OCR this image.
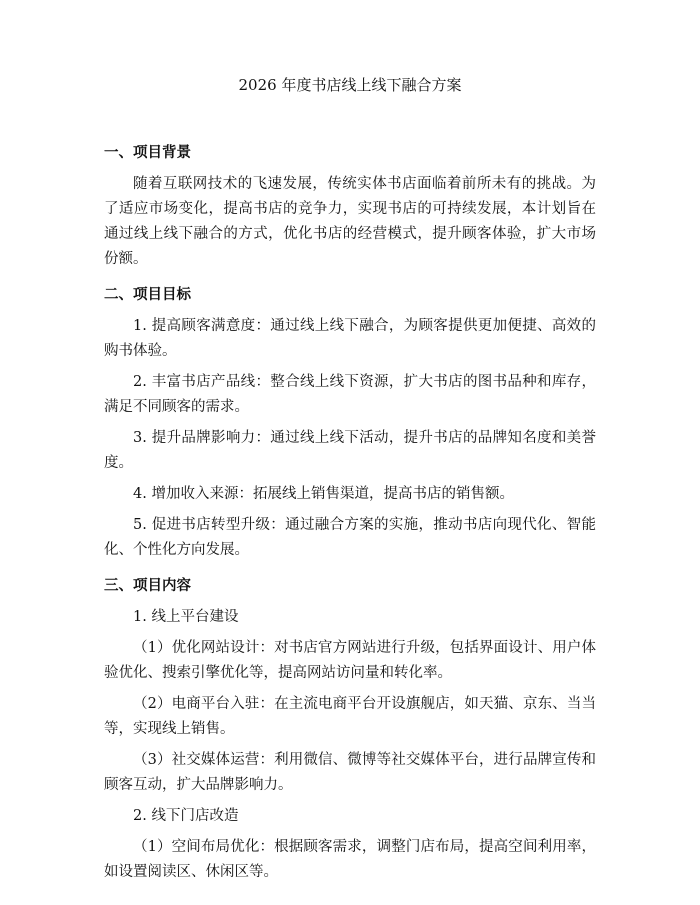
2026 年度书店线上线下融合方案
一、项目背景

随着互联网技术的飞速发展，传统实体书店面临着前所未有的挑战。为了适应市场变化，提高书店的竞争力，实现书店的可持续发展，本计划旨在通过线上线下融合的方式，优化书店的经营模式，提升顾客体验，扩大市场份额。

二、项目目标

1. 提高顾客满意度：通过线上线下融合，为顾客提供更加便捷、高效的购书体验。

2. 丰富书店产品线：整合线上线下资源，扩大书店的图书品种和库存，满足不同顾客的需求。

3. 提升品牌影响力：通过线上线下活动，提升书店的品牌知名度和美誉度。

4. 增加收入来源：拓展线上销售渠道，提高书店的销售额。

5. 促进书店转型升级：通过融合方案的实施，推动书店向现代化、智能化、个性化方向发展。

三、项目内容

1. 线上平台建设

（1）优化网站设计：对书店官方网站进行升级，包括界面设计、用户体验优化、搜索引擎优化等，提高网站访问量和转化率。

（2）电商平台入驻：在主流电商平台开设旗舰店，如天猫、京东、当当等，实现线上销售。

（3）社交媒体运营：利用微信、微博等社交媒体平台，进行品牌宣传和顾客互动，扩大品牌影响力。

2. 线下门店改造

（1）空间布局优化：根据顾客需求，调整门店布局，提高空间利用率，如设置阅读区、休闲区等。
